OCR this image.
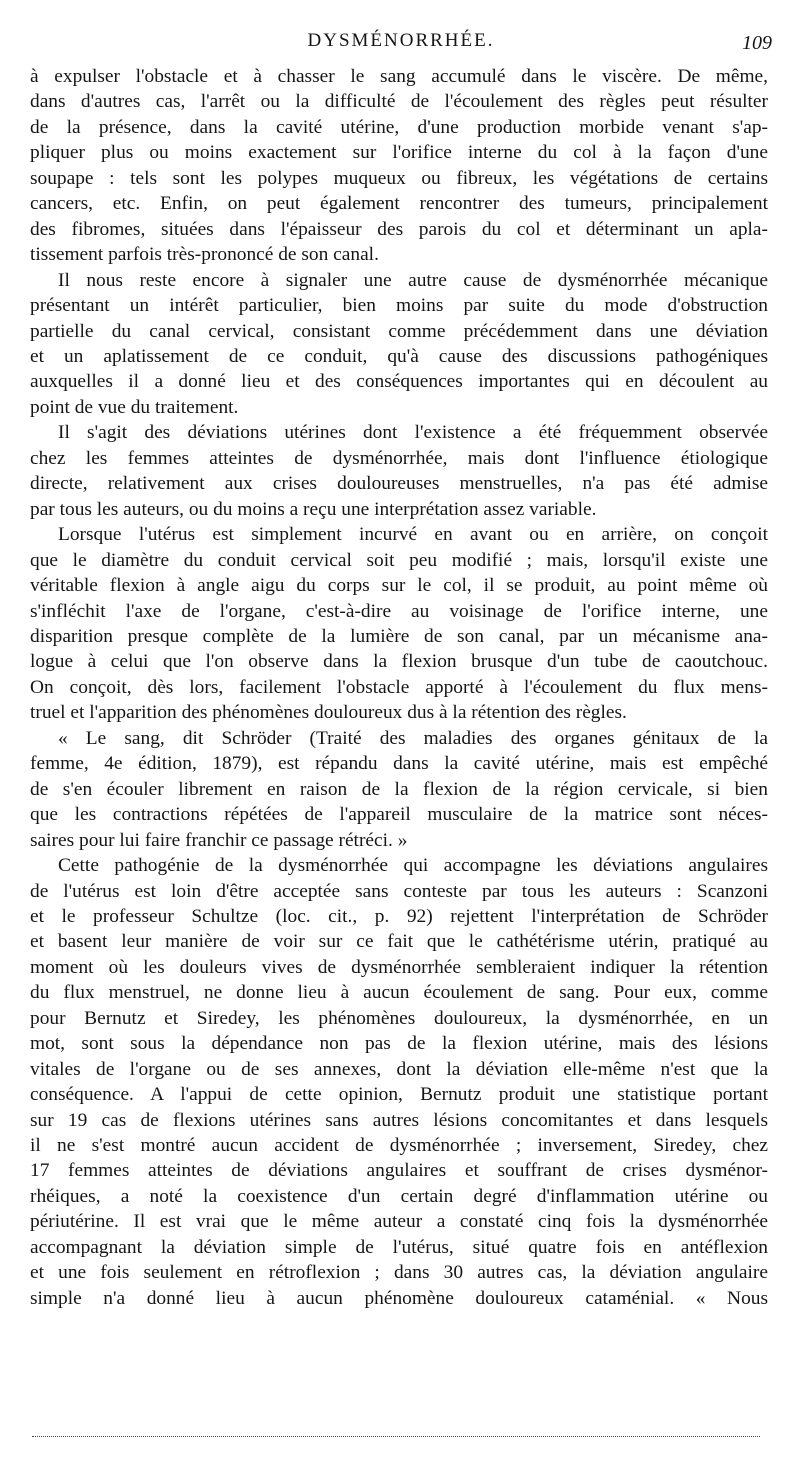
DYSMÉNORRHÉE.	109
à expulser l'obstacle et à chasser le sang accumulé dans le viscère. De même,
dans d'autres cas, l'arrêt ou la difficulté de l'écoulement des règles peut résulter
de la présence, dans la cavité utérine, d'une production morbide venant s'ap-
pliquer plus ou moins exactement sur l'orifice interne du col à la façon d'une
soupape : tels sont les polypes muqueux ou fibreux, les végétations de certains
cancers, etc. Enfin, on peut également rencontrer des tumeurs, principalement
des fibromes, situées dans l'épaisseur des parois du col et déterminant un apla-
tissement parfois très-prononcé de son canal.
Il nous reste encore à signaler une autre cause de dysménorrhée mécanique
présentant un intérêt particulier, bien moins par suite du mode d'obstruction
partielle du canal cervical, consistant comme précédemment dans une déviation
et un aplatissement de ce conduit, qu'à cause des discussions pathogéniques
auxquelles il a donné lieu et des conséquences importantes qui en découlent au
point de vue du traitement.
Il s'agit des déviations utérines dont l'existence a été fréquemment observée
chez les femmes atteintes de dysménorrhée, mais dont l'influence étiologique
directe, relativement aux crises douloureuses menstruelles, n'a pas été admise
par tous les auteurs, ou du moins a reçu une interprétation assez variable.
Lorsque l'utérus est simplement incurvé en avant ou en arrière, on conçoit
que le diamètre du conduit cervical soit peu modifié ; mais, lorsqu'il existe une
véritable flexion à angle aigu du corps sur le col, il se produit, au point même où
s'infléchit l'axe de l'organe, c'est-à-dire au voisinage de l'orifice interne, une
disparition presque complète de la lumière de son canal, par un mécanisme ana-
logue à celui que l'on observe dans la flexion brusque d'un tube de caoutchouc.
On conçoit, dès lors, facilement l'obstacle apporté à l'écoulement du flux mens-
truel et l'apparition des phénomènes douloureux dus à la rétention des règles.
« Le sang, dit Schröder (Traité des maladies des organes génitaux de la
femme, 4e édition, 1879), est répandu dans la cavité utérine, mais est empêché
de s'en écouler librement en raison de la flexion de la région cervicale, si bien
que les contractions répétées de l'appareil musculaire de la matrice sont néces-
saires pour lui faire franchir ce passage rétréci. »
Cette pathogénie de la dysménorrhée qui accompagne les déviations angulaires
de l'utérus est loin d'être acceptée sans conteste par tous les auteurs : Scanzoni
et le professeur Schultze (loc. cit., p. 92) rejettent l'interprétation de Schröder
et basent leur manière de voir sur ce fait que le cathétérisme utérin, pratiqué au
moment où les douleurs vives de dysménorrhée sembleraient indiquer la rétention
du flux menstruel, ne donne lieu à aucun écoulement de sang. Pour eux, comme
pour Bernutz et Siredey, les phénomènes douloureux, la dysménorrhée, en un
mot, sont sous la dépendance non pas de la flexion utérine, mais des lésions
vitales de l'organe ou de ses annexes, dont la déviation elle-même n'est que la
conséquence. A l'appui de cette opinion, Bernutz produit une statistique portant
sur 19 cas de flexions utérines sans autres lésions concomitantes et dans lesquels
il ne s'est montré aucun accident de dysménorrhée ; inversement, Siredey, chez
17 femmes atteintes de déviations angulaires et souffrant de crises dysménor-
rhéiques, a noté la coexistence d'un certain degré d'inflammation utérine ou
périutérine. Il est vrai que le même auteur a constaté cinq fois la dysménorrhée
accompagnant la déviation simple de l'utérus, situé quatre fois en antéflexion
et une fois seulement en rétroflexion ; dans 30 autres cas, la déviation angulaire
simple n'a donné lieu à aucun phénomène douloureux cataménial. « Nous
